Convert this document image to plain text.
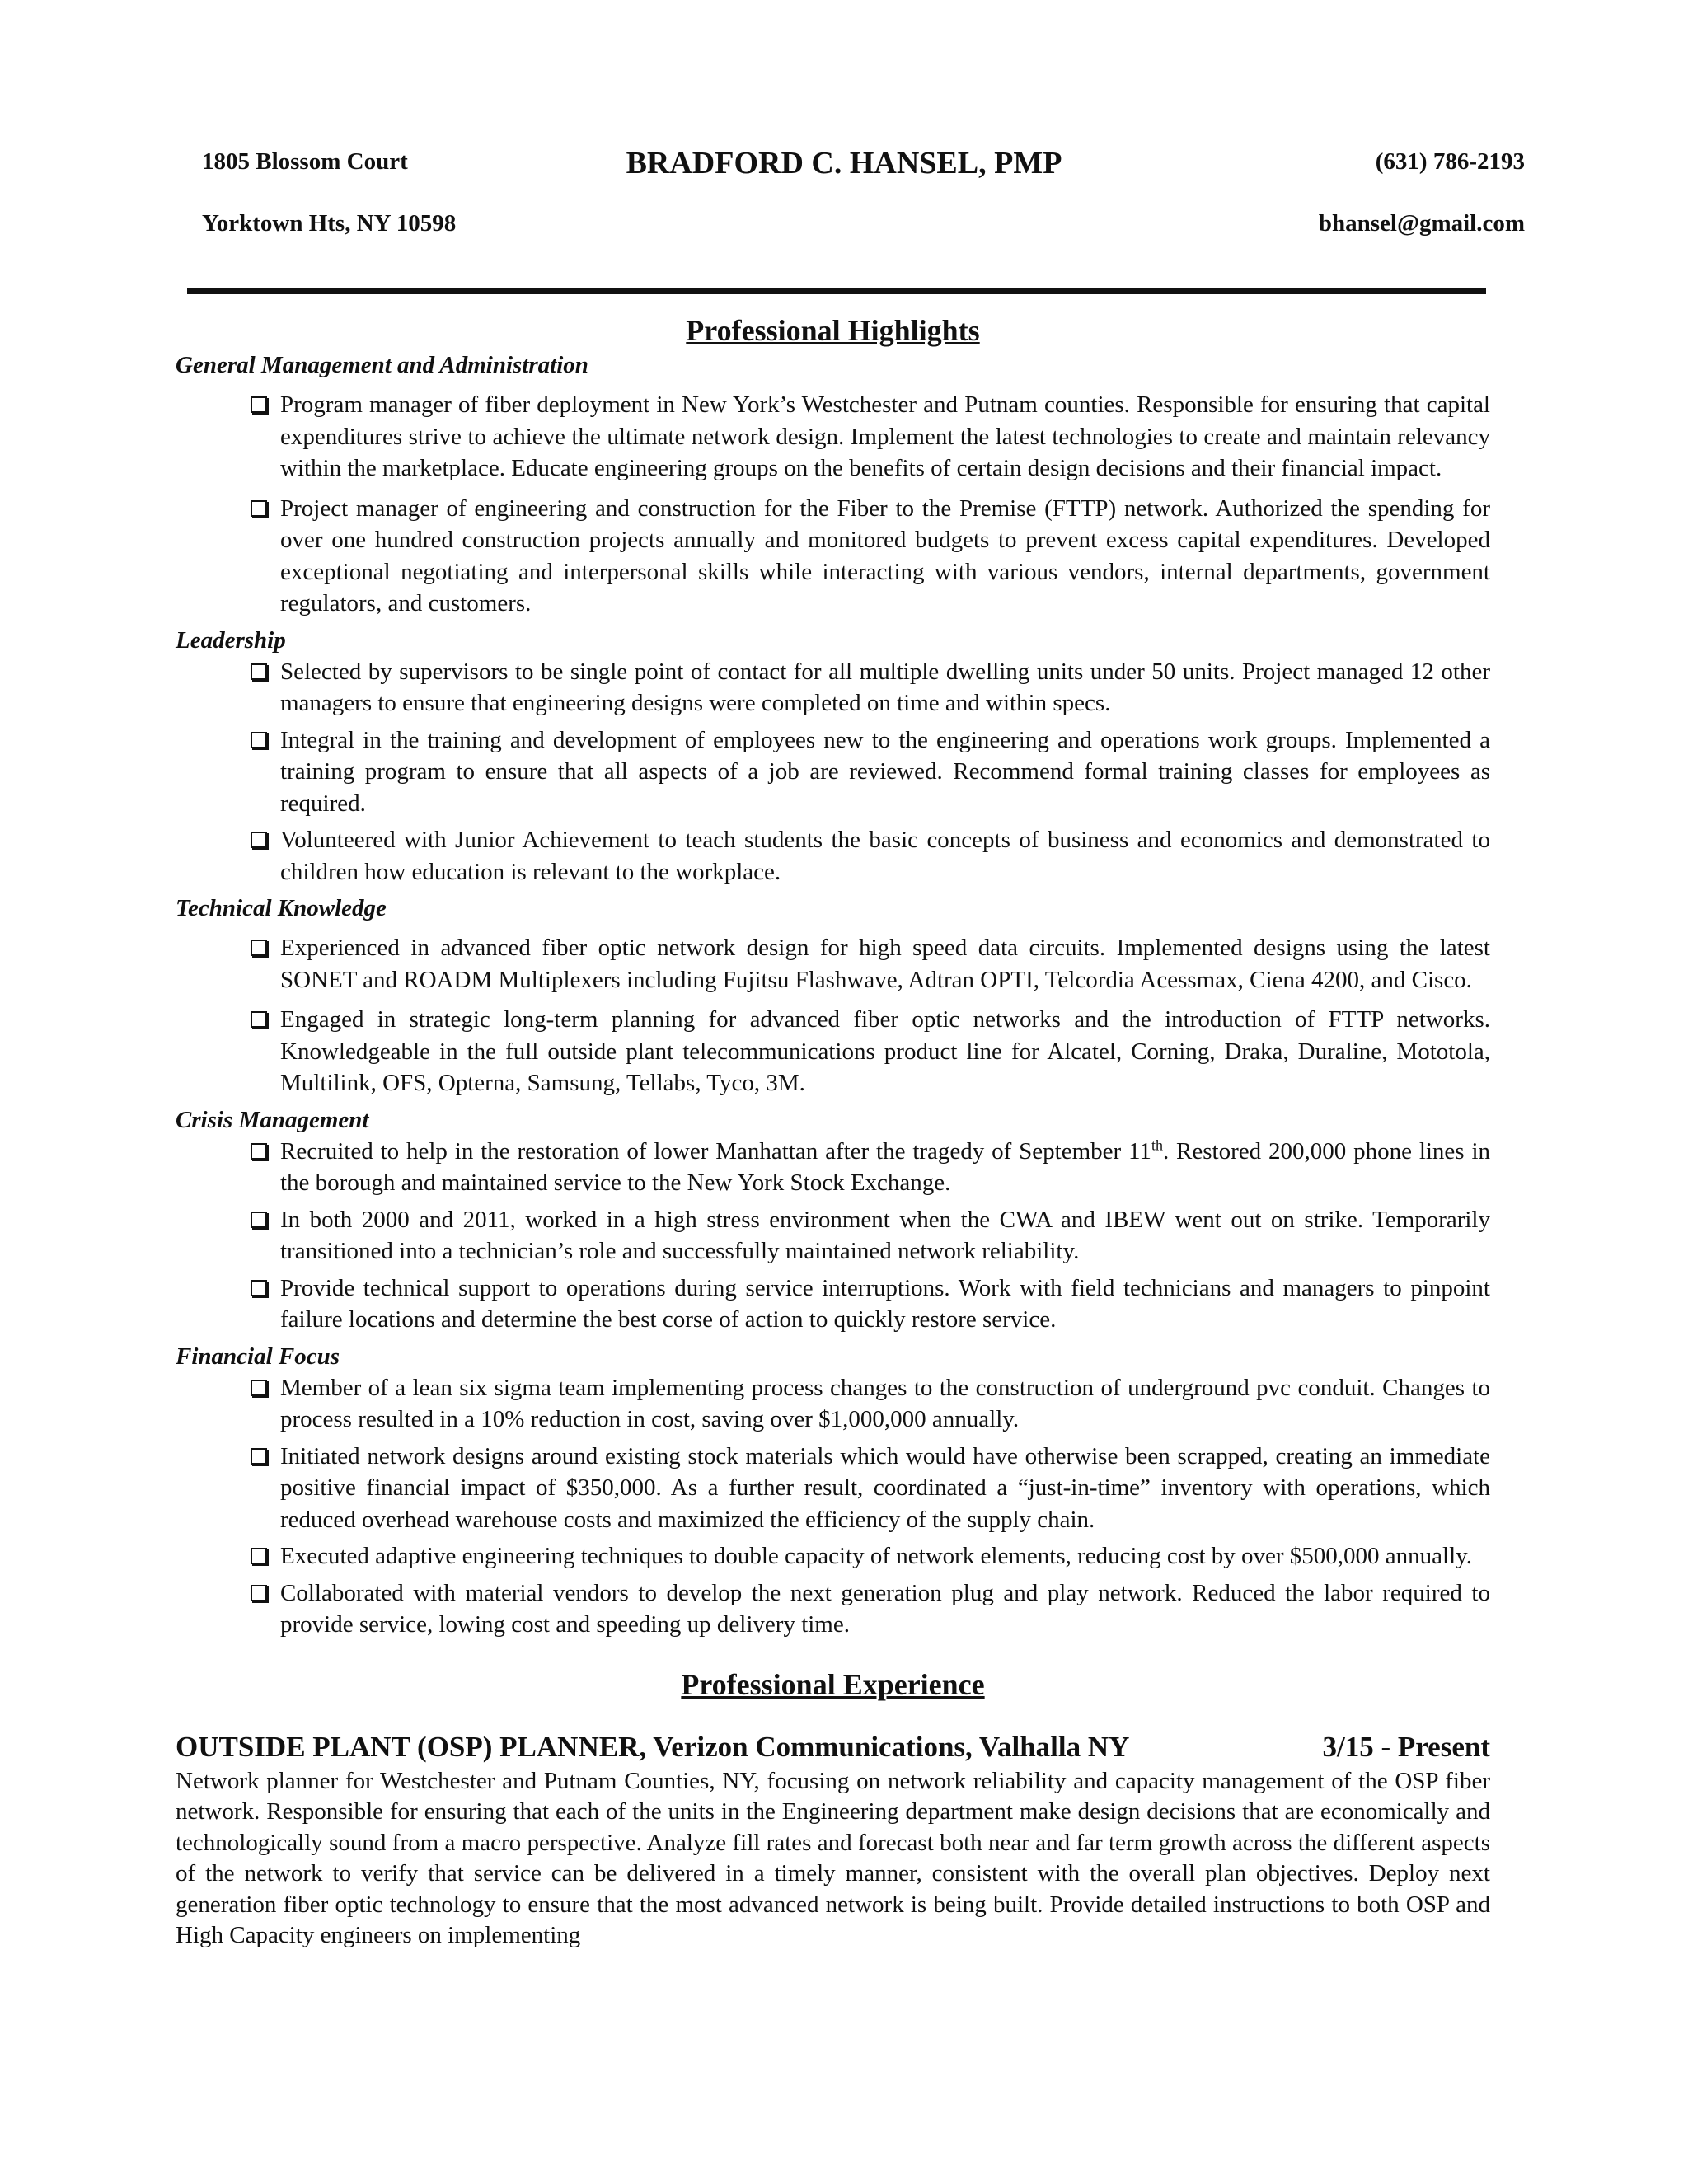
1805 Blossom Court
Yorktown Hts, NY 10598
BRADFORD C. HANSEL, PMP	(631) 786-2193
bhansel@gmail.com
Professional Highlights

General Management and Administration

Program manager of fiber deployment in New York’s Westchester and Putnam counties. Responsible for ensuring that capital expenditures strive to achieve the ultimate network design. Implement the latest technologies to create and maintain relevancy within the marketplace. Educate engineering groups on the benefits of certain design decisions and their financial impact.
Project manager of engineering and construction for the Fiber to the Premise (FTTP) network. Authorized the spending for over one hundred construction projects annually and monitored budgets to prevent excess capital expenditures. Developed exceptional negotiating and interpersonal skills while interacting with various vendors, internal departments, government regulators, and customers.

Leadership

Selected by supervisors to be single point of contact for all multiple dwelling units under 50 units. Project managed 12 other managers to ensure that engineering designs were completed on time and within specs.
Integral in the training and development of employees new to the engineering and operations work groups. Implemented a training program to ensure that all aspects of a job are reviewed. Recommend formal training classes for employees as required.
Volunteered with Junior Achievement to teach students the basic concepts of business and economics and demonstrated to children how education is relevant to the workplace.

Technical Knowledge

Experienced in advanced fiber optic network design for high speed data circuits. Implemented designs using the latest SONET and ROADM Multiplexers including Fujitsu Flashwave, Adtran OPTI, Telcordia Acessmax, Ciena 4200, and Cisco.
Engaged in strategic long-term planning for advanced fiber optic networks and the introduction of FTTP networks. Knowledgeable in the full outside plant telecommunications product line for Alcatel, Corning, Draka, Duraline, Mototola, Multilink, OFS, Opterna, Samsung, Tellabs, Tyco, 3M.

Crisis Management

Recruited to help in the restoration of lower Manhattan after the tragedy of September 11th. Restored 200,000 phone lines in the borough and maintained service to the New York Stock Exchange.
In both 2000 and 2011, worked in a high stress environment when the CWA and IBEW went out on strike. Temporarily transitioned into a technician’s role and successfully maintained network reliability.
Provide technical support to operations during service interruptions. Work with field technicians and managers to pinpoint failure locations and determine the best corse of action to quickly restore service.

Financial Focus

Member of a lean six sigma team implementing process changes to the construction of underground pvc conduit. Changes to process resulted in a 10% reduction in cost, saving over $1,000,000 annually.
Initiated network designs around existing stock materials which would have otherwise been scrapped, creating an immediate positive financial impact of $350,000. As a further result, coordinated a “just-in-time” inventory with operations, which reduced overhead warehouse costs and maximized the efficiency of the supply chain.
Executed adaptive engineering techniques to double capacity of network elements, reducing cost by over $500,000 annually.
Collaborated with material vendors to develop the next generation plug and play network. Reduced the labor required to provide service, lowing cost and speeding up delivery time.
Professional Experience

OUTSIDE PLANT (OSP) PLANNER, Verizon Communications, Valhalla NY	3/15 - Present

Network planner for Westchester and Putnam Counties, NY, focusing on network reliability and capacity management of the OSP fiber network. Responsible for ensuring that each of the units in the Engineering department make design decisions that are economically and technologically sound from a macro perspective. Analyze fill rates and forecast both near and far term growth across the different aspects of the network to verify that service can be delivered in a timely manner, consistent with the overall plan objectives. Deploy next generation fiber optic technology to ensure that the most advanced network is being built. Provide detailed instructions to both OSP and High Capacity engineers on implementing
